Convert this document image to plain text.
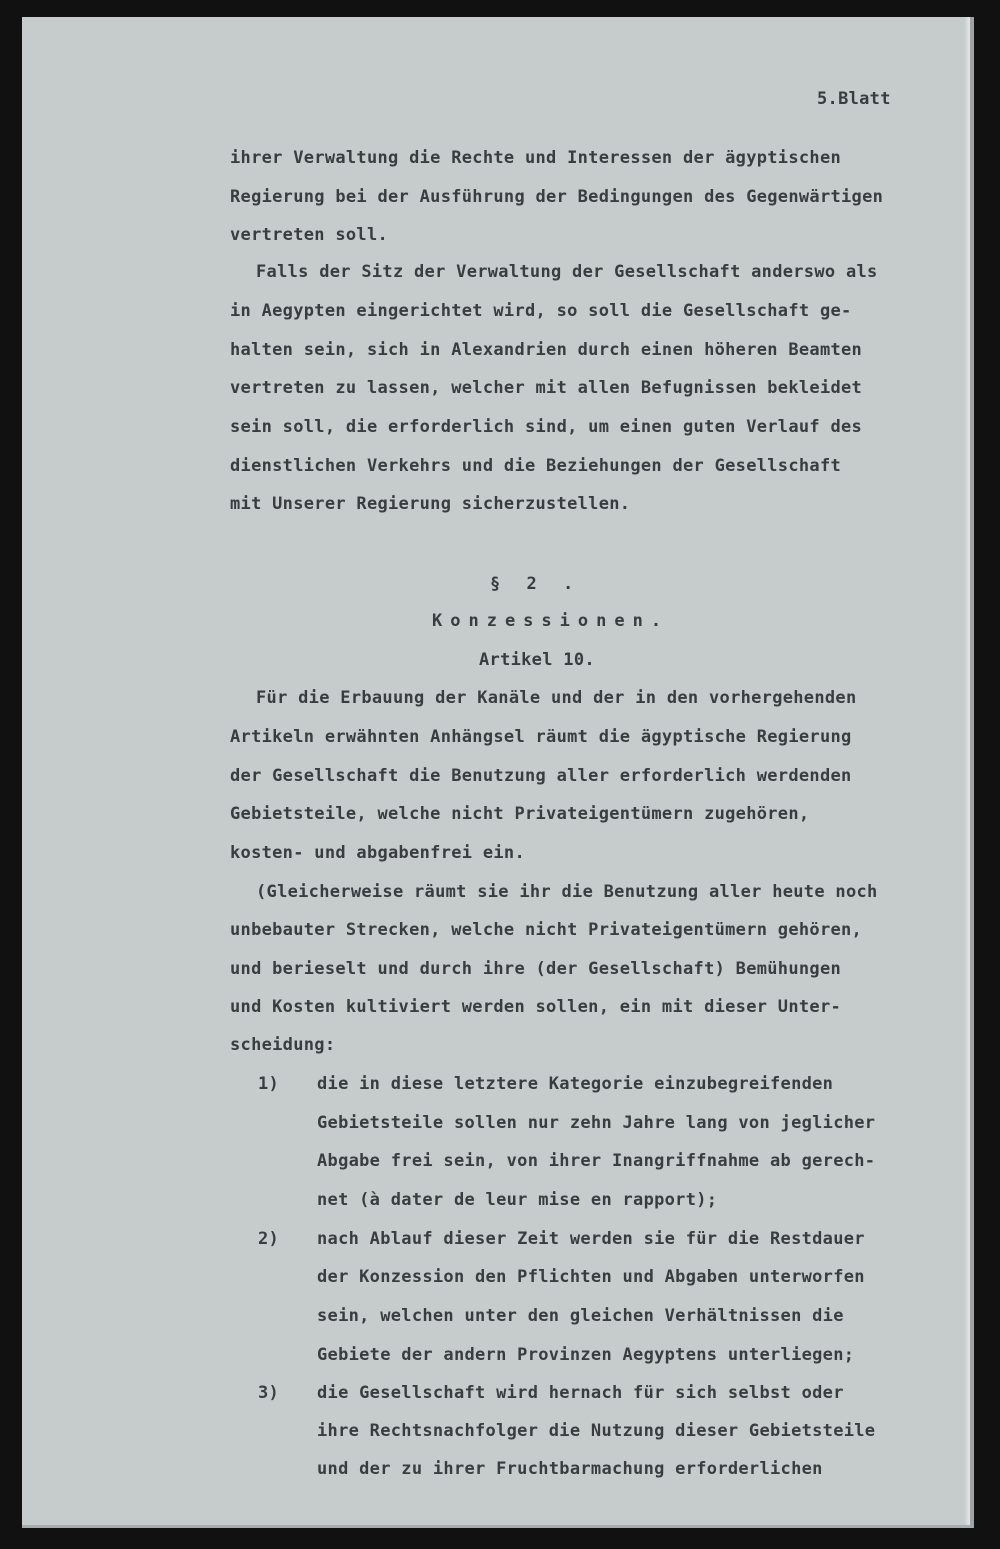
5.Blatt
ihrer Verwaltung die Rechte und Interessen der ägyptischen
Regierung bei der Ausführung der Bedingungen des Gegenwärtigen
vertreten soll.
Falls der Sitz der Verwaltung der Gesellschaft anderswo als
in Aegypten eingerichtet wird, so soll die Gesellschaft ge-
halten sein, sich in Alexandrien durch einen höheren Beamten
vertreten zu lassen, welcher mit allen Befugnissen bekleidet
sein soll, die erforderlich sind, um einen guten Verlauf des
dienstlichen Verkehrs und die Beziehungen der Gesellschaft
mit Unserer Regierung sicherzustellen.
§ 2 .
Konzessionen.
Artikel 10.
Für die Erbauung der Kanäle und der in den vorhergehenden
Artikeln erwähnten Anhängsel räumt die ägyptische Regierung
der Gesellschaft die Benutzung aller erforderlich werdenden
Gebietsteile, welche nicht Privateigentümern zugehören,
kosten- und abgabenfrei ein.
(Gleicherweise räumt sie ihr die Benutzung aller heute noch
unbebauter Strecken, welche nicht Privateigentümern gehören,
und berieselt und durch ihre (der Gesellschaft) Bemühungen
und Kosten kultiviert werden sollen, ein mit dieser Unter-
scheidung:
1) die in diese letztere Kategorie einzubegreifenden
Gebietsteile sollen nur zehn Jahre lang von jeglicher
Abgabe frei sein, von ihrer Inangriffnahme ab gerech-
net (à dater de leur mise en rapport);
2) nach Ablauf dieser Zeit werden sie für die Restdauer
der Konzession den Pflichten und Abgaben unterworfen
sein, welchen unter den gleichen Verhältnissen die
Gebiete der andern Provinzen Aegyptens unterliegen;
3) die Gesellschaft wird hernach für sich selbst oder
ihre Rechtsnachfolger die Nutzung dieser Gebietsteile
und der zu ihrer Fruchtbarmachung erforderlichen
